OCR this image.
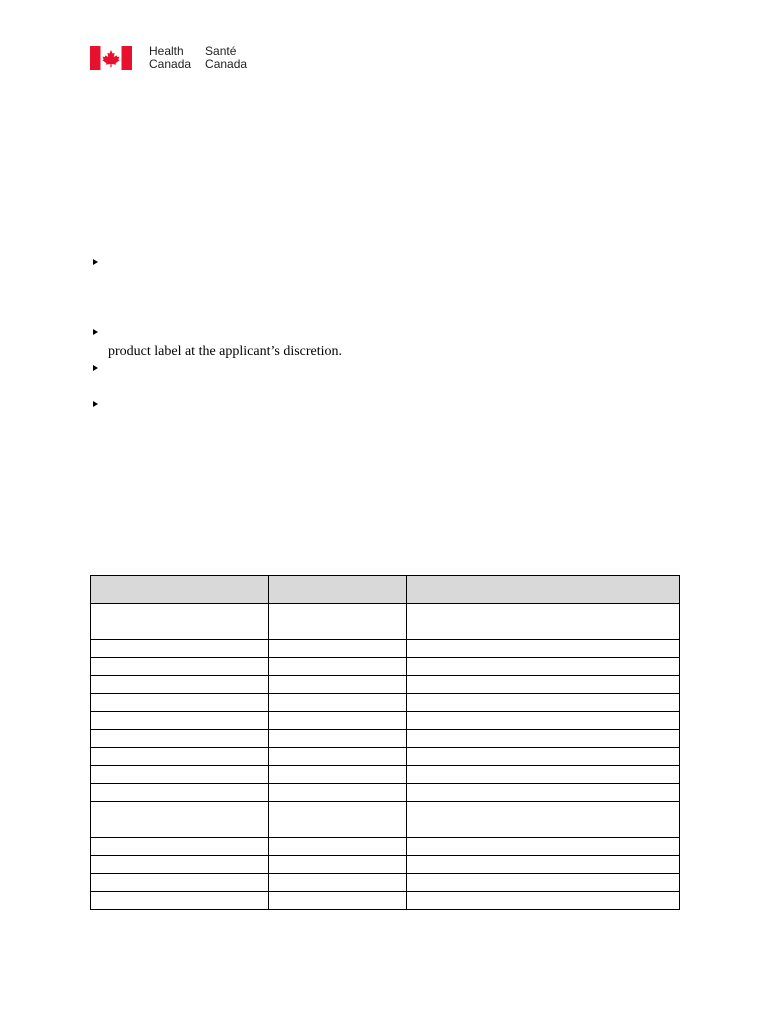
Health
Canada
Santé
Canada
product label at the applicant’s discretion.
